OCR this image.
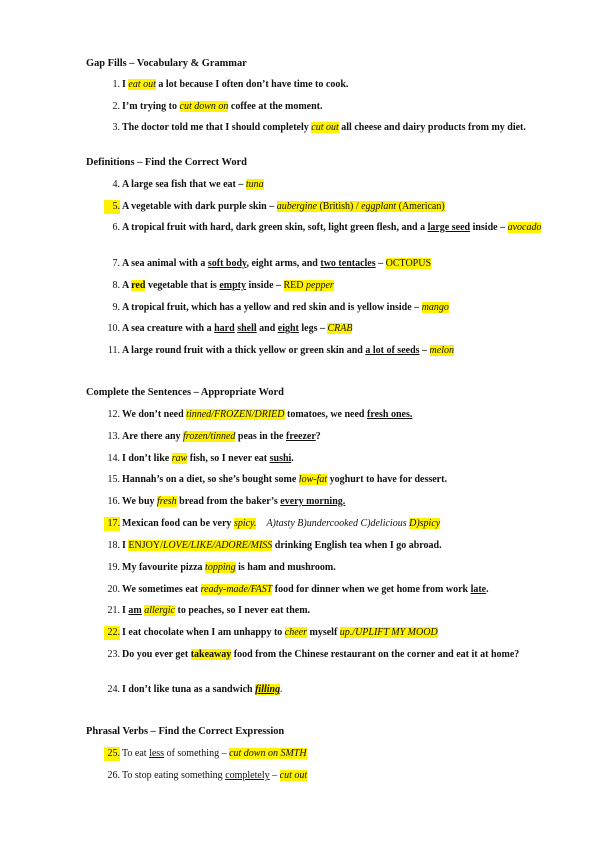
Gap Fills – Vocabulary & Grammar
1. I eat out a lot because I often don’t have time to cook.
2. I’m trying to cut down on coffee at the moment.
3. The doctor told me that I should completely cut out all cheese and dairy products from my diet.
Definitions – Find the Correct Word
4. A large sea fish that we eat – tuna
5. A vegetable with dark purple skin – aubergine (British) / eggplant (American)
6. A tropical fruit with hard, dark green skin, soft, light green flesh, and a large seed inside – avocado
7. A sea animal with a soft body, eight arms, and two tentacles – OCTOPUS
8. A red vegetable that is empty inside – RED pepper
9. A tropical fruit, which has a yellow and red skin and is yellow inside – mango
10. A sea creature with a hard shell and eight legs – CRAB
11. A large round fruit with a thick yellow or green skin and a lot of seeds – melon
Complete the Sentences – Appropriate Word
12. We don’t need tinned/FROZEN/DRIED tomatoes, we need fresh ones.
13. Are there any frozen/tinned peas in the freezer?
14. I don’t like raw fish, so I never eat sushi.
15. Hannah’s on a diet, so she’s bought some low-fat yoghurt to have for dessert.
16. We buy fresh bread from the baker’s every morning.
17. Mexican food can be very spicy. A)tasty B)undercooked C)delicious D)spicy
18. I ENJOY/LOVE/LIKE/ADORE/MISS drinking English tea when I go abroad.
19. My favourite pizza topping is ham and mushroom.
20. We sometimes eat ready-made/FAST food for dinner when we get home from work late.
21. I am allergic to peaches, so I never eat them.
22. I eat chocolate when I am unhappy to cheer myself up./UPLIFT MY MOOD
23. Do you ever get takeaway food from the Chinese restaurant on the corner and eat it at home?
24. I don’t like tuna as a sandwich filling.
Phrasal Verbs – Find the Correct Expression
25. To eat less of something – cut down on SMTH
26. To stop eating something completely – cut out
